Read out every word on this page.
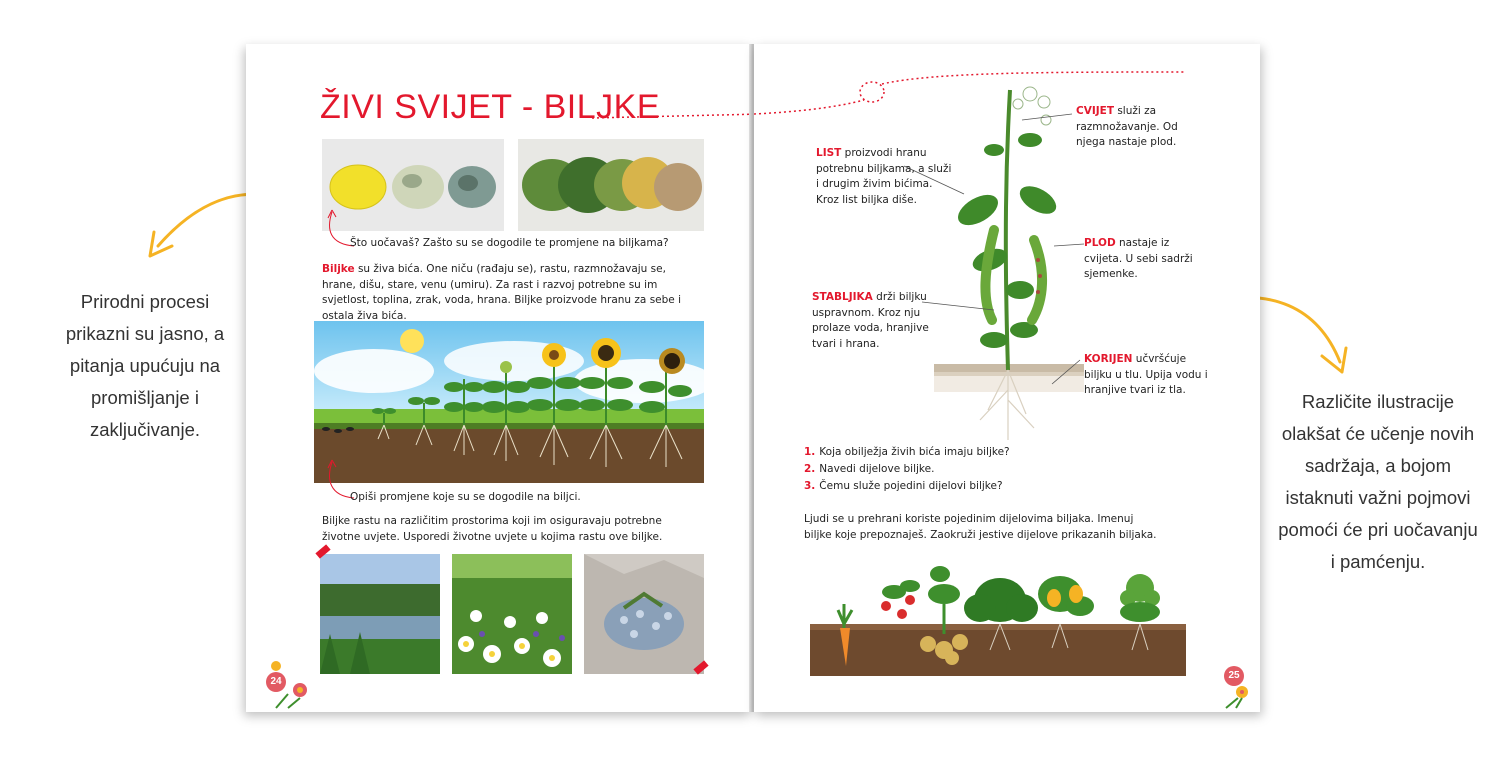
Prirodni procesi prikazni su jasno, a pitanja upućuju na promišljanje i zaključivanje.
Različite ilustracije olakšat će učenje novih sadržaja, a bojom istaknuti važni pojmovi pomoći će pri uočavanju i pamćenju.
ŽIVI SVIJET - BILJKE
Što uočavaš? Zašto su se dogodile te promjene na biljkama?
Biljke su živa bića. One niču (rađaju se), rastu, razmnožavaju se, hrane, dišu, stare, venu (umiru). Za rast i razvoj potrebne su im svjetlost, toplina, zrak, voda, hrana. Biljke proizvode hranu za sebe i ostala živa bića.
Opiši promjene koje su se dogodile na biljci.
Biljke rastu na različitim prostorima koji im osiguravaju potrebne životne uvjete. Usporedi životne uvjete u kojima rastu ove biljke.
24
CVIJET služi za razmnožavanje. Od njega nastaje plod.
LIST proizvodi hranu potrebnu biljkama, a služi i drugim živim bićima. Kroz list biljka diše.
PLOD nastaje iz cvijeta. U sebi sadrži sjemenke.
STABLJIKA drži biljku uspravnom. Kroz nju prolaze voda, hranjive tvari i hrana.
KORIJEN učvršćuje biljku u tlu. Upija vodu i hranjive tvari iz tla.
1. Koja obilježja živih bića imaju biljke?
2. Navedi dijelove biljke.
3. Čemu služe pojedini dijelovi biljke?
Ljudi se u prehrani koriste pojedinim dijelovima biljaka. Imenuj biljke koje prepoznaješ. Zaokruži jestive dijelove prikazanih biljaka.
25
